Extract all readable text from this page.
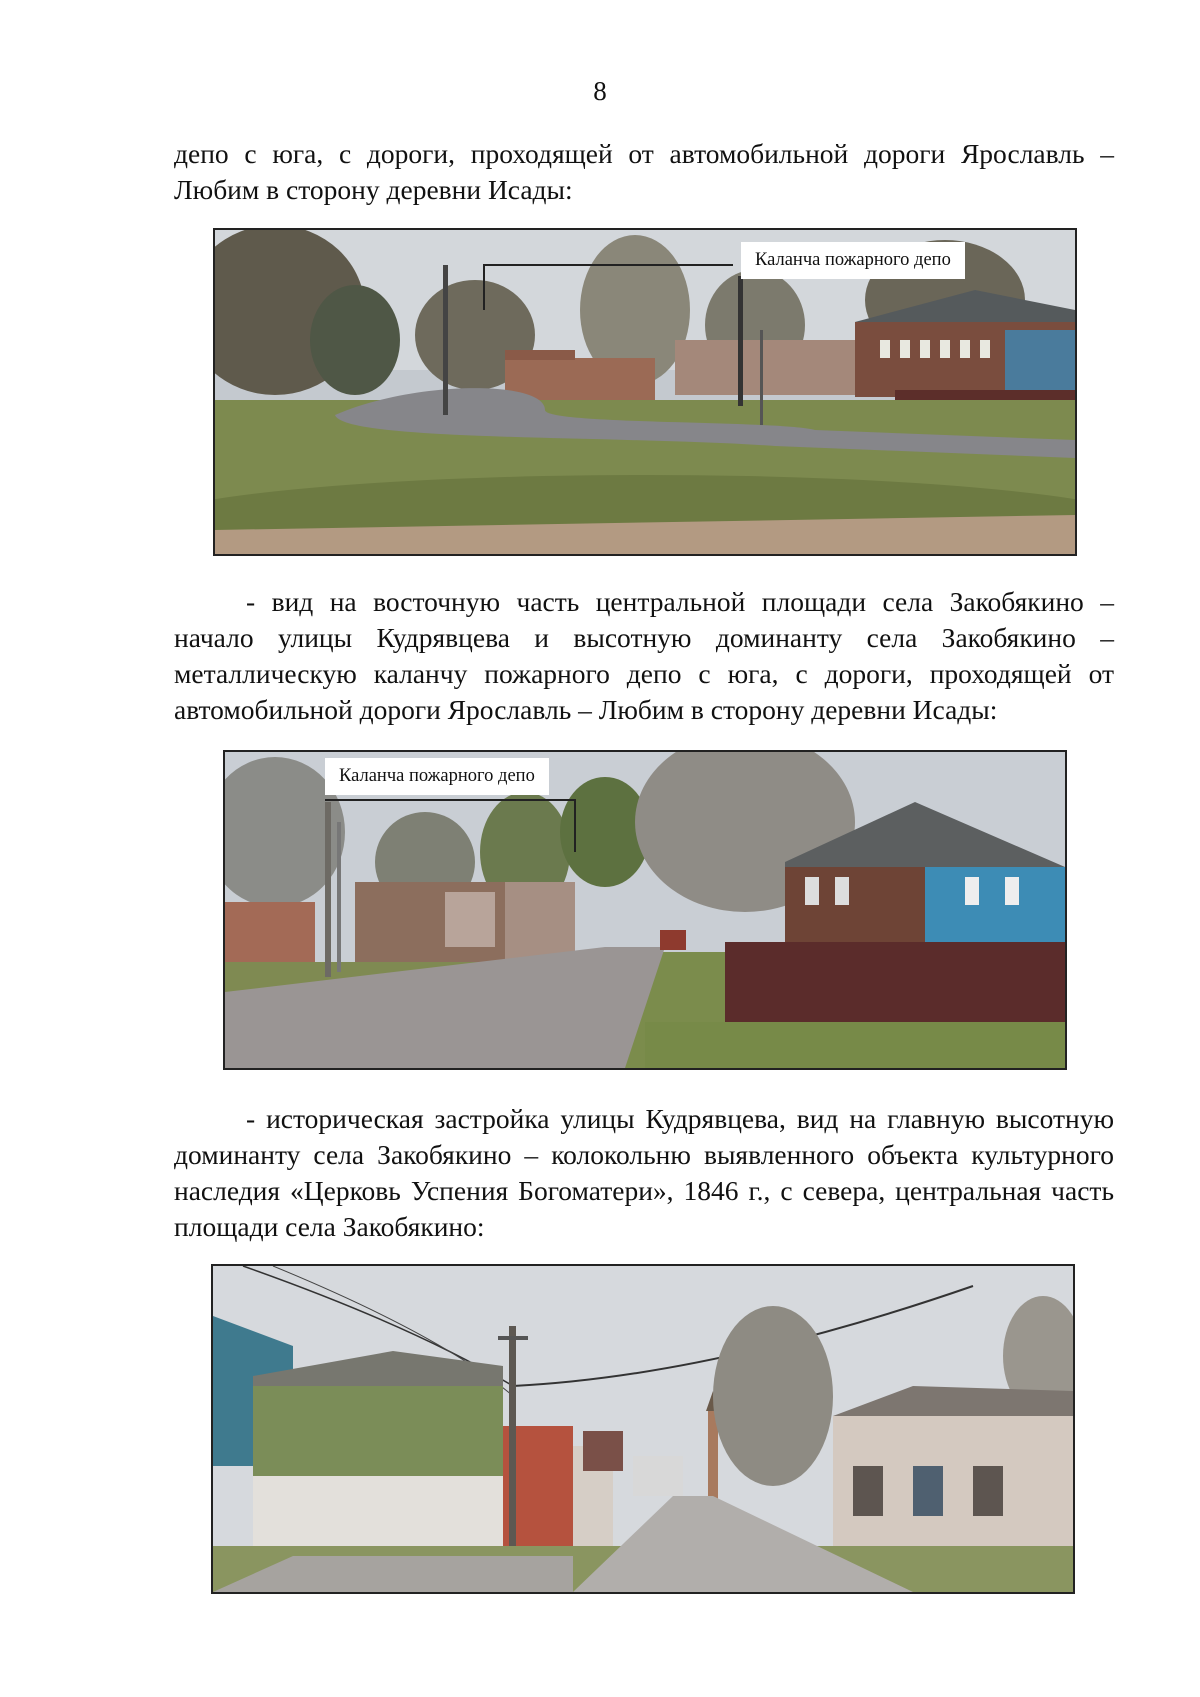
8

депо с юга, с дороги, проходящей от автомобильной дороги Ярославль – Любим в сторону деревни Исады:

Каланча пожарного депо

- вид на восточную часть центральной площади села Закобякино – начало улицы Кудрявцева и высотную доминанту села Закобякино – металлическую каланчу пожарного депо с юга, с дороги, проходящей от автомобильной дороги Ярославль – Любим в сторону деревни Исады:

Каланча пожарного депо

- историческая застройка улицы Кудрявцева, вид на главную высотную доминанту села Закобякино – колокольню выявленного объекта культурного наследия «Церковь Успения Богоматери», 1846 г., с севера, центральная часть площади села Закобякино:
